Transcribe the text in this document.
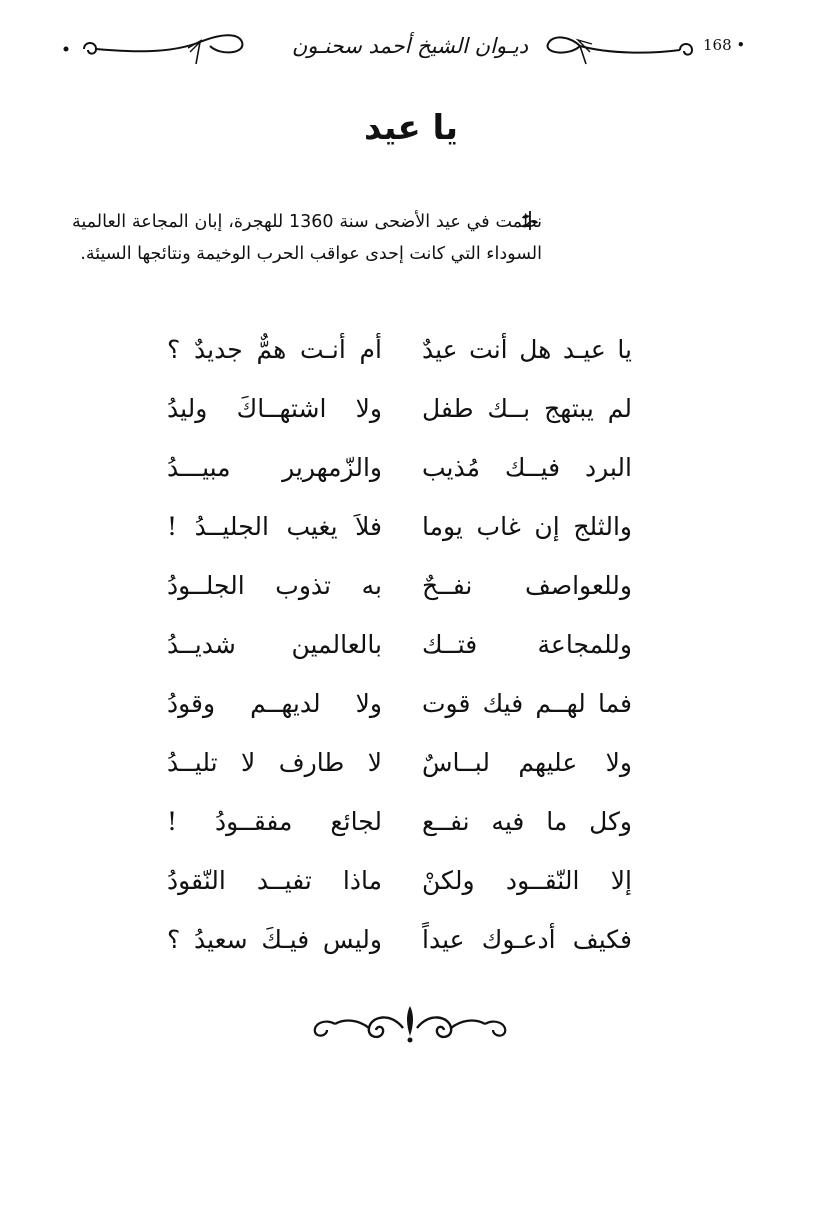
ديـوان الشيخ أحمد سحنـون	168 •
يا عيد
نظمت في عيد الأضحى سنة 1360 للهجرة، إبان المجاعة العالمية السوداء التي كانت إحدى عواقب الحرب الوخيمة ونتائجها السيئة.
يا عيـد هل أنت عيدٌ
أم أنـت همٌّ جديدٌ ؟
لم يبتهج بــك طفل
ولا اشتهــاكَ وليدُ
البرد فيــك مُذيب
والزّمهرير مبيـــدُ
والثلج إن غاب يوما
فلاَ يغيب الجليــدُ !
وللعواصف نفــحٌ
به تذوب الجلــودُ
وللمجاعة فتــك
بالعالمين شديــدُ
فما لهــم فيك قوت
ولا لديهــم وقودُ
ولا عليهم لبــاسٌ
لا طارف لا تليــدُ
وكل ما فيه نفــع
لجائع مفقــودُ !
إلا النّقــود ولكنْ
ماذا تفيــد النّقودُ
فكيف أدعـوك عيداً
وليس فيـكَ سعيدُ ؟
